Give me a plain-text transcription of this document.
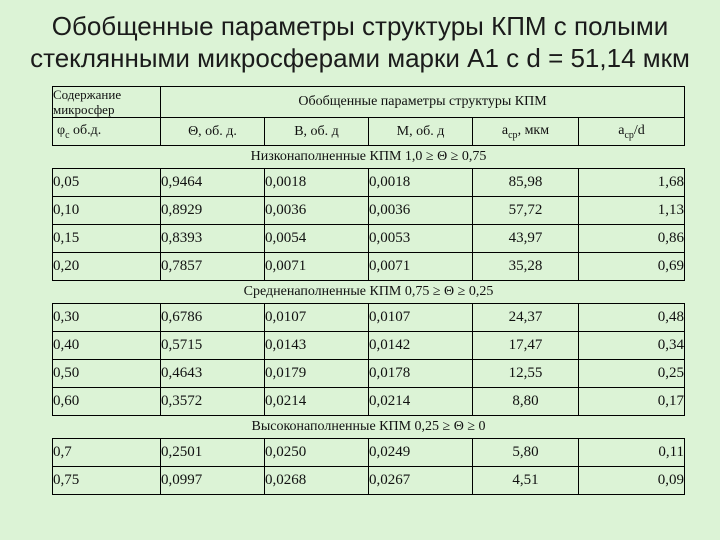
Обобщенные параметры структуры КПМ с полыми
стеклянными микросферами марки А1 с d = 51,14 мкм
Содержание микросфер	Обобщенные параметры структуры КПМ				
$\varphi_с$ об.д.	Θ, об. д.	B, об. д	M, об. д	$a_{ср}$, мкм	$a_{ср}/d$
Низконаполненные КПМ 1,0 ≥ Θ ≥ 0,75					
0,05	0,9464	0,0018	0,0018	85,98	1,68
0,10	0,8929	0,0036	0,0036	57,72	1,13
0,15	0,8393	0,0054	0,0053	43,97	0,86
0,20	0,7857	0,0071	0,0071	35,28	0,69
Средненаполненные КПМ 0,75 ≥ Θ ≥ 0,25					
0,30	0,6786	0,0107	0,0107	24,37	0,48
0,40	0,5715	0,0143	0,0142	17,47	0,34
0,50	0,4643	0,0179	0,0178	12,55	0,25
0,60	0,3572	0,0214	0,0214	8,80	0,17
Высоконаполненные КПМ 0,25 ≥ Θ ≥ 0					
0,7	0,2501	0,0250	0,0249	5,80	0,11
0,75	0,0997	0,0268	0,0267	4,51	0,09
